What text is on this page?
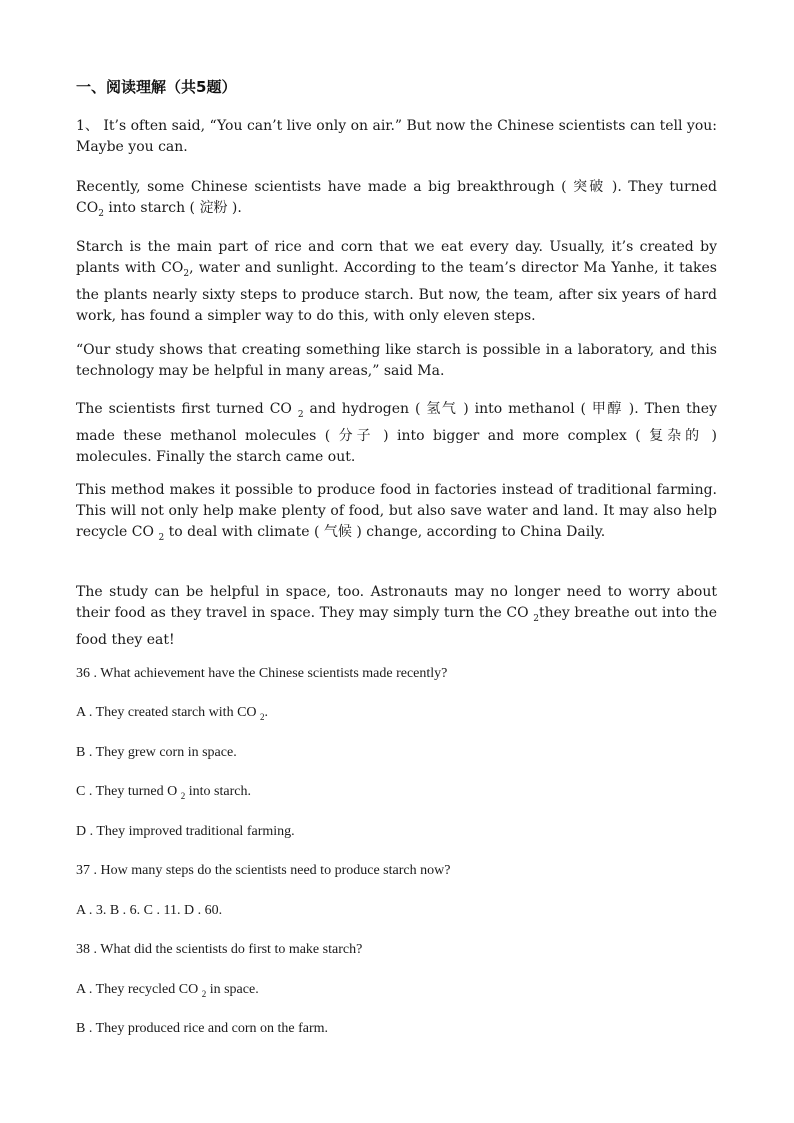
一、阅读理解（共5题）
1、 It’s often said, “You can’t live only on air.” But now the Chinese scientists can tell you: Maybe you can.
Recently, some Chinese scientists have made a big breakthrough ( 突破 ). They turned $CO_2$ into starch ( 淀粉 ).
Starch is the main part of rice and corn that we eat every day. Usually, it’s created by plants with $CO_2$, water and sunlight. According to the team’s director Ma Yanhe, it takes the plants nearly sixty steps to produce starch. But now, the team, after six years of hard work, has found a simpler way to do this, with only eleven steps.
“Our study shows that creating something like starch is possible in a laboratory, and this technology may be helpful in many areas,” said Ma.
The scientists first turned CO $_2$ and hydrogen ( 氢气 ) into methanol ( 甲醇 ). Then they made these methanol molecules ( 分子 ) into bigger and more complex ( 复杂的 ) molecules. Finally the starch came out.
This method makes it possible to produce food in factories instead of traditional farming. This will not only help make plenty of food, but also save water and land. It may also help recycle CO $_2$ to deal with climate ( 气候 ) change, according to China Daily.
The study can be helpful in space, too. Astronauts may no longer need to worry about their food as they travel in space. They may simply turn the CO $_2$they breathe out into the food they eat!
36 . What achievement have the Chinese scientists made recently?
A . They created starch with CO $_2$.
B . They grew corn in space.
C . They turned O $_2$ into starch.
D . They improved traditional farming.
37 . How many steps do the scientists need to produce starch now?
A . 3. B . 6. C . 11. D . 60.
38 . What did the scientists do first to make starch?
A . They recycled CO $_2$ in space.
B . They produced rice and corn on the farm.
